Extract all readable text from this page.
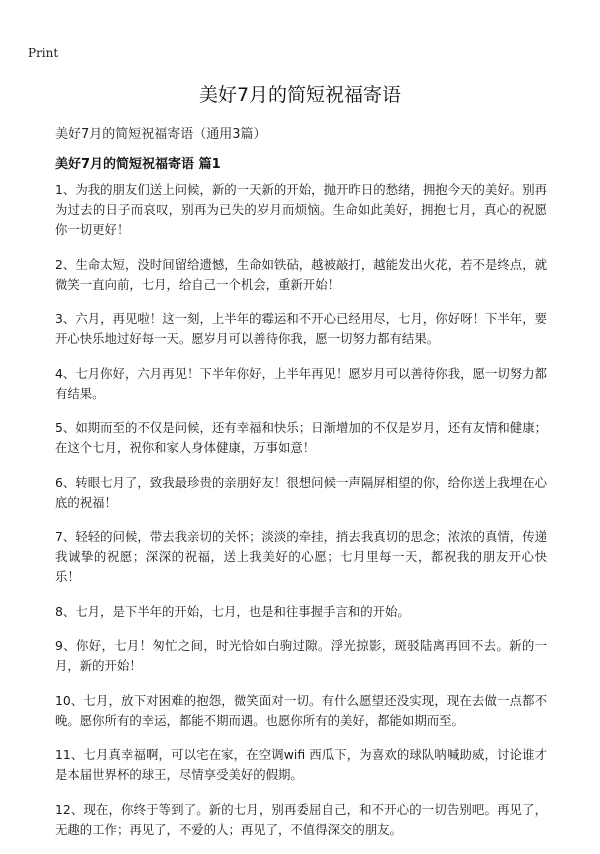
Print
美好7月的简短祝福寄语
美好7月的简短祝福寄语（通用3篇）
美好7月的简短祝福寄语 篇1

1、为我的朋友们送上问候，新的一天新的开始，抛开昨日的愁绪，拥抱今天的美好。别再为过去的日子而哀叹，别再为已失的岁月而烦恼。生命如此美好，拥抱七月，真心的祝愿你一切更好！

2、生命太短，没时间留给遗憾，生命如铁砧，越被敲打，越能发出火花，若不是终点，就微笑一直向前，七月，给自己一个机会，重新开始！

3、六月，再见啦！这一刻，上半年的霉运和不开心已经用尽，七月，你好呀！下半年，要开心快乐地过好每一天。愿岁月可以善待你我，愿一切努力都有结果。

4、七月你好，六月再见！下半年你好，上半年再见！愿岁月可以善待你我，愿一切努力都有结果。

5、如期而至的不仅是问候，还有幸福和快乐；日渐增加的不仅是岁月，还有友情和健康；在这个七月，祝你和家人身体健康，万事如意！

6、转眼七月了，致我最珍贵的亲朋好友！很想问候一声隔屏相望的你，给你送上我埋在心底的祝福！

7、轻轻的问候，带去我亲切的关怀；淡淡的牵挂，捎去我真切的思念；浓浓的真情，传递我诚挚的祝愿；深深的祝福，送上我美好的心愿；七月里每一天，都祝我的朋友开心快乐！

8、七月，是下半年的开始，七月，也是和往事握手言和的开始。

9、你好，七月！匆忙之间，时光恰如白驹过隙。浮光掠影，斑驳陆离再回不去。新的一月，新的开始！

10、七月，放下对困难的抱怨，微笑面对一切。有什么愿望还没实现，现在去做一点都不晚。愿你所有的幸运，都能不期而遇。也愿你所有的美好，都能如期而至。

11、七月真幸福啊，可以宅在家，在空调wifi 西瓜下，为喜欢的球队呐喊助威，讨论谁才是本届世界杯的球王，尽情享受美好的假期。

12、现在，你终于等到了。新的七月，别再委屈自己，和不开心的一切告别吧。再见了，无趣的工作；再见了，不爱的人；再见了，不值得深交的朋友。
